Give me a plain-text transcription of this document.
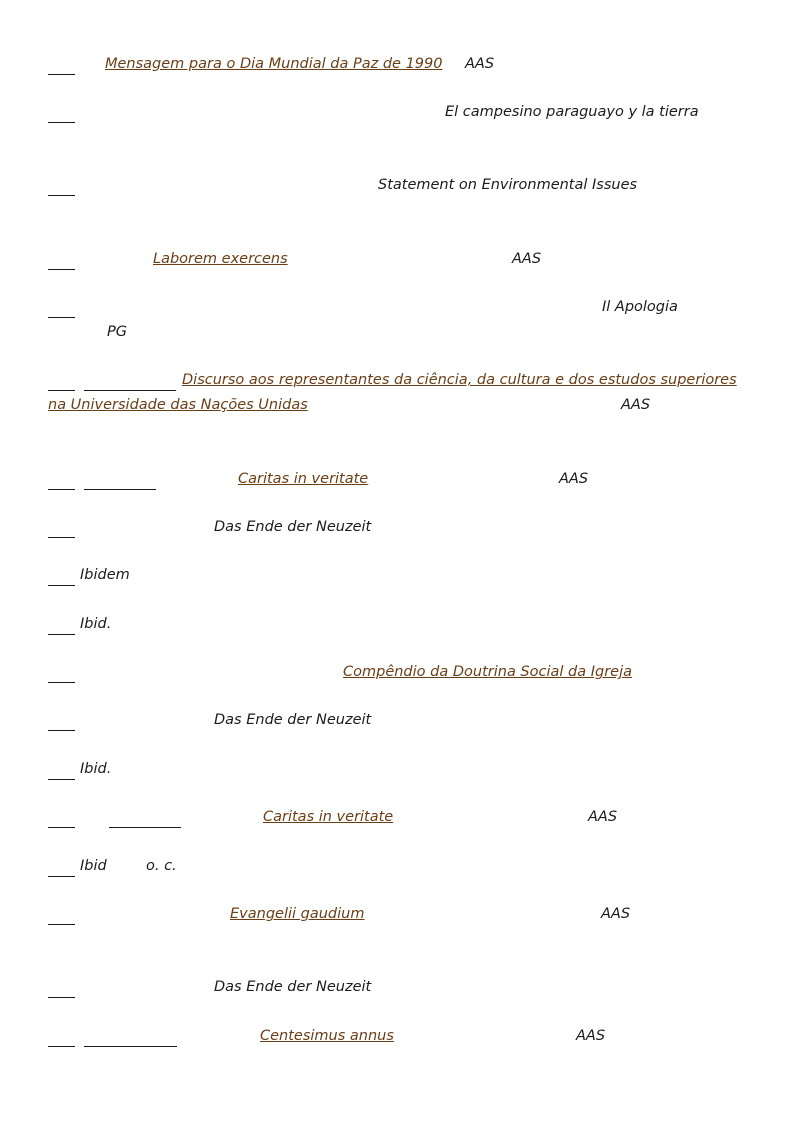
Mensagem para o Dia Mundial da Paz de 1990 AAS
El campesino paraguayo y la tierra
Statement on Environmental Issues
Laborem exercens	AAS
Il Apologia
PG

Discurso aos representantes da ciência, da cultura e dos estudos superiores
na Universidade das Nações Unidas	AAS

Caritas in veritate	AAS
Das Ende der Neuzeit
Ibidem
Ibid.
Compêndio da Doutrina Social da Igreja
Das Ende der Neuzeit
Ibid.

Caritas in veritate	AAS
Ibid	o. c.
Evangelii gaudium	AAS
Das Ende der Neuzeit

Centesimus annus	AAS
